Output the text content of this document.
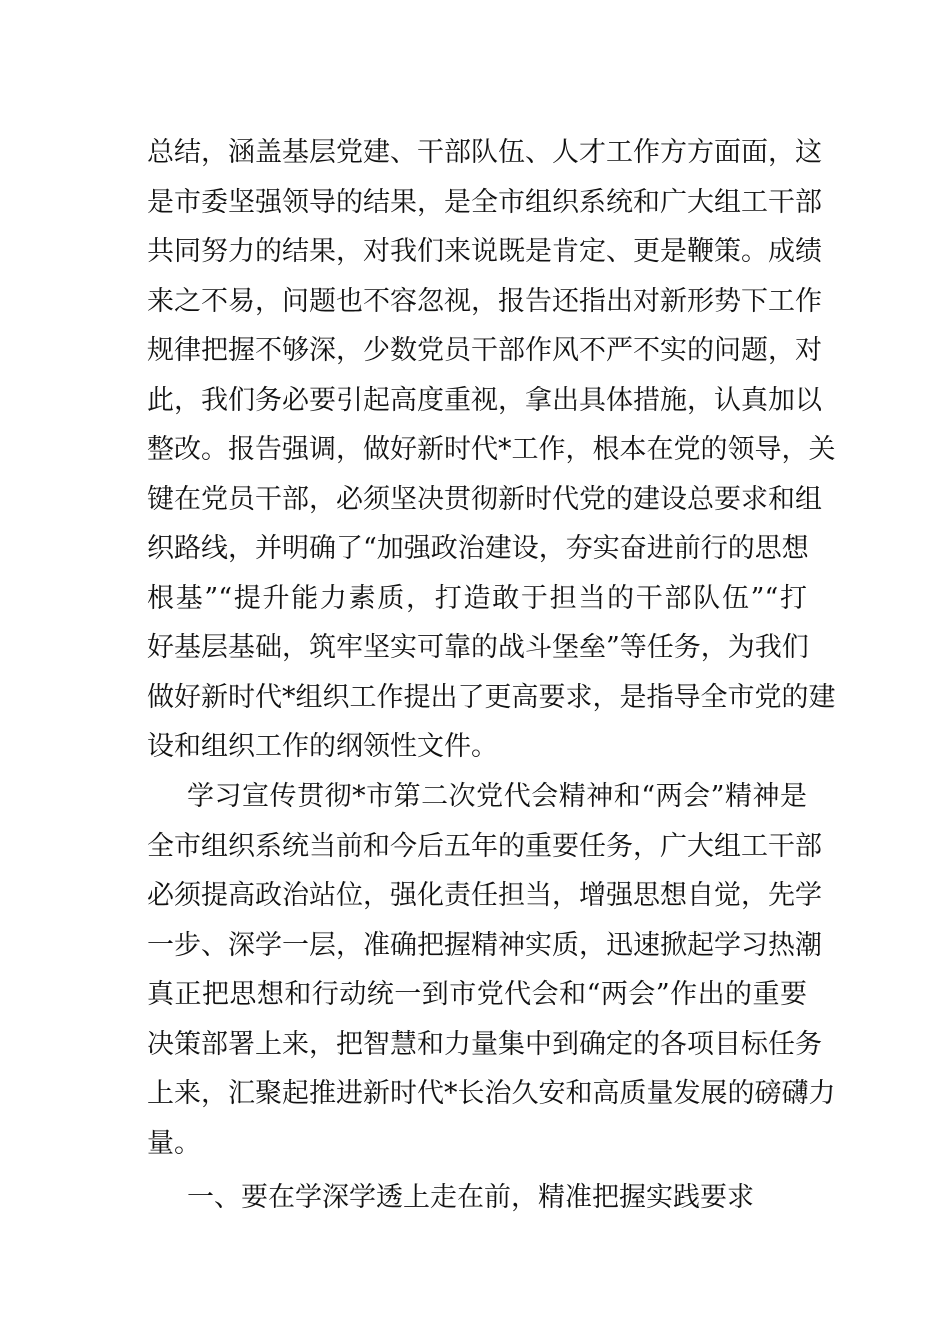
总结，涵盖基层党建、干部队伍、人才工作方方面面，这
是市委坚强领导的结果，是全市组织系统和广大组工干部
共同努力的结果，对我们来说既是肯定、更是鞭策。成绩
来之不易，问题也不容忽视，报告还指出对新形势下工作
规律把握不够深，少数党员干部作风不严不实的问题，对
此，我们务必要引起高度重视，拿出具体措施，认真加以
整改。报告强调，做好新时代*工作，根本在党的领导，关
键在党员干部，必须坚决贯彻新时代党的建设总要求和组
织路线，并明确了“加强政治建设，夯实奋进前行的思想
根基”“提升能力素质，打造敢于担当的干部队伍”“打
好基层基础，筑牢坚实可靠的战斗堡垒”等任务，为我们
做好新时代*组织工作提出了更高要求，是指导全市党的建
设和组织工作的纲领性文件。
学习宣传贯彻*市第二次党代会精神和“两会”精神是
全市组织系统当前和今后五年的重要任务，广大组工干部
必须提高政治站位，强化责任担当，增强思想自觉，先学
一步、深学一层，准确把握精神实质，迅速掀起学习热潮
真正把思想和行动统一到市党代会和“两会”作出的重要
决策部署上来，把智慧和力量集中到确定的各项目标任务
上来，汇聚起推进新时代*长治久安和高质量发展的磅礴力
量。
一、要在学深学透上走在前，精准把握实践要求
